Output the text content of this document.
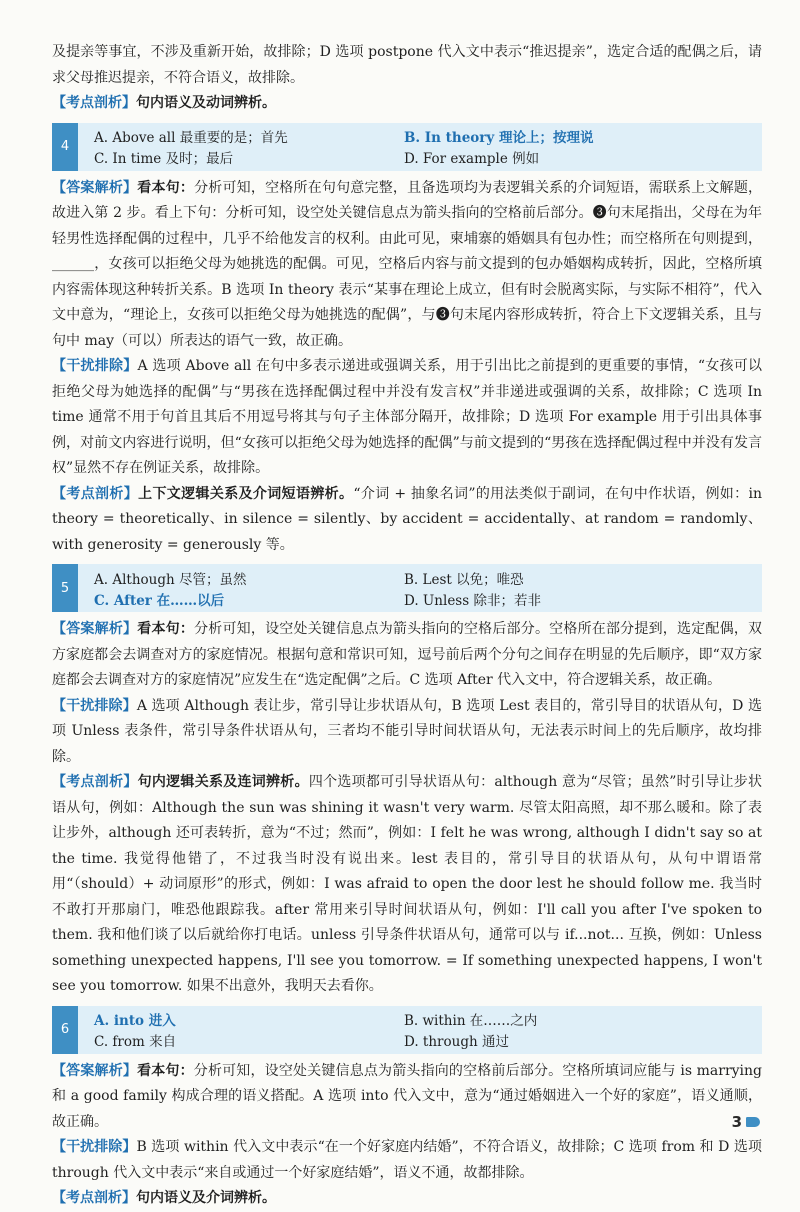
及提亲等事宜，不涉及重新开始，故排除；D 选项 postpone 代入文中表示“推迟提亲”，选定合适的配偶之后，请求父母推迟提亲，不符合语义，故排除。

【考点剖析】句内语义及动词辨析。

4
A. Above all 最重要的是；首先	B. In theory 理论上；按理说
C. In time 及时；最后	D. For example 例如

【答案解析】看本句：分析可知，空格所在句句意完整，且备选项均为表逻辑关系的介词短语，需联系上文解题，故进入第 2 步。看上下句：分析可知，设空处关键信息点为箭头指向的空格前后部分。❸句末尾指出，父母在为年轻男性选择配偶的过程中，几乎不给他发言的权利。由此可见，柬埔寨的婚姻具有包办性；而空格所在句则提到，______，女孩可以拒绝父母为她挑选的配偶。可见，空格后内容与前文提到的包办婚姻构成转折，因此，空格所填内容需体现这种转折关系。B 选项 In theory 表示“某事在理论上成立，但有时会脱离实际，与实际不相符”，代入文中意为，“理论上，女孩可以拒绝父母为她挑选的配偶”，与❸句末尾内容形成转折，符合上下文逻辑关系，且与句中 may（可以）所表达的语气一致，故正确。

【干扰排除】A 选项 Above all 在句中多表示递进或强调关系，用于引出比之前提到的更重要的事情，“女孩可以拒绝父母为她选择的配偶”与“男孩在选择配偶过程中并没有发言权”并非递进或强调的关系，故排除；C 选项 In time 通常不用于句首且其后不用逗号将其与句子主体部分隔开，故排除；D 选项 For example 用于引出具体事例，对前文内容进行说明，但“女孩可以拒绝父母为她选择的配偶”与前文提到的“男孩在选择配偶过程中并没有发言权”显然不存在例证关系，故排除。

【考点剖析】上下文逻辑关系及介词短语辨析。“介词 + 抽象名词”的用法类似于副词，在句中作状语，例如：in theory = theoretically、in silence = silently、by accident = accidentally、at random = randomly、with generosity = generously 等。

5
A. Although 尽管；虽然	B. Lest 以免；唯恐
C. After 在……以后	D. Unless 除非；若非

【答案解析】看本句：分析可知，设空处关键信息点为箭头指向的空格后部分。空格所在部分提到，选定配偶，双方家庭都会去调查对方的家庭情况。根据句意和常识可知，逗号前后两个分句之间存在明显的先后顺序，即“双方家庭都会去调查对方的家庭情况”应发生在“选定配偶”之后。C 选项 After 代入文中，符合逻辑关系，故正确。

【干扰排除】A 选项 Although 表让步，常引导让步状语从句，B 选项 Lest 表目的，常引导目的状语从句，D 选项 Unless 表条件，常引导条件状语从句，三者均不能引导时间状语从句，无法表示时间上的先后顺序，故均排除。

【考点剖析】句内逻辑关系及连词辨析。四个选项都可引导状语从句：although 意为“尽管；虽然”时引导让步状语从句，例如：Although the sun was shining it wasn't very warm. 尽管太阳高照，却不那么暖和。除了表让步外，although 还可表转折，意为“不过；然而”，例如：I felt he was wrong, although I didn't say so at the time. 我觉得他错了，不过我当时没有说出来。lest 表目的，常引导目的状语从句，从句中谓语常用“（should）+ 动词原形”的形式，例如：I was afraid to open the door lest he should follow me. 我当时不敢打开那扇门，唯恐他跟踪我。after 常用来引导时间状语从句，例如：I'll call you after I've spoken to them. 我和他们谈了以后就给你打电话。unless 引导条件状语从句，通常可以与 if...not... 互换，例如：Unless something unexpected happens, I'll see you tomorrow. = If something unexpected happens, I won't see you tomorrow. 如果不出意外，我明天去看你。

6
A. into 进入	B. within 在……之内
C. from 来自	D. through 通过

【答案解析】看本句：分析可知，设空处关键信息点为箭头指向的空格前后部分。空格所填词应能与 is marrying 和 a good family 构成合理的语义搭配。A 选项 into 代入文中，意为“通过婚姻进入一个好的家庭”，语义通顺，故正确。

【干扰排除】B 选项 within 代入文中表示“在一个好家庭内结婚”，不符合语义，故排除；C 选项 from 和 D 选项 through 代入文中表示“来自或通过一个好家庭结婚”，语义不通，故都排除。

【考点剖析】句内语义及介词辨析。

3
